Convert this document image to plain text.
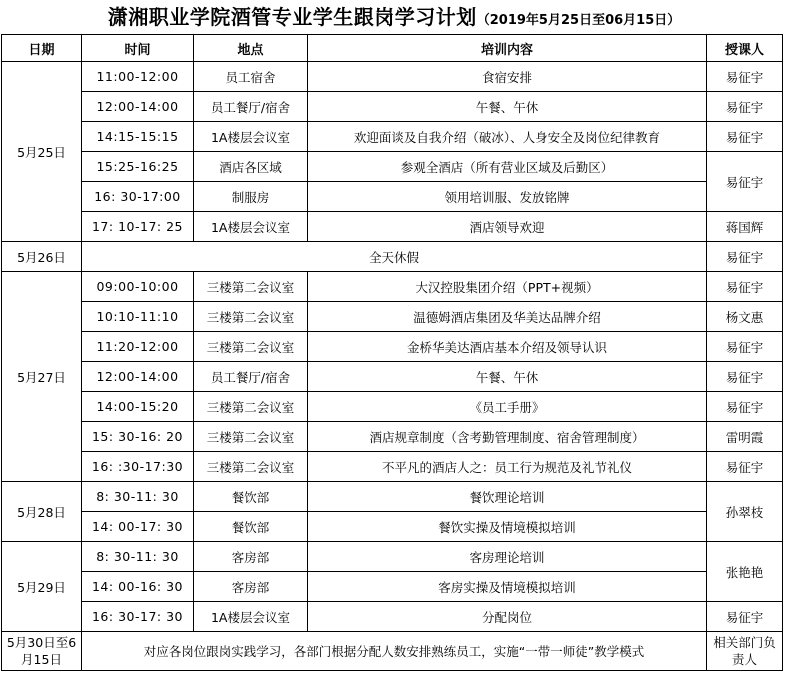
潇湘职业学院酒管专业学生跟岗学习计划（2019年5月25日至06月15日）
日期	时间	地点	培训内容	授课人
5月25日	11:00-12:00	员工宿舍	食宿安排	易征宇
	12:00-14:00	员工餐厅/宿舍	午餐、午休	易征宇
	14:15-15:15	1A楼层会议室	欢迎面谈及自我介绍（破冰）、人身安全及岗位纪律教育	易征宇
	15:25-16:25	酒店各区域	参观全酒店（所有营业区域及后勤区）	易征宇
	16: 30-17:00	制服房	领用培训服、发放铭牌	
	17: 10-17: 25	1A楼层会议室	酒店领导欢迎	蒋国辉
5月26日	全天休假			易征宇
5月27日	09:00-10:00	三楼第二会议室	大汉控股集团介绍（PPT+视频）	易征宇
	10:10-11:10	三楼第二会议室	温德姆酒店集团及华美达品牌介绍	杨文惠
	11:20-12:00	三楼第二会议室	金桥华美达酒店基本介绍及领导认识	易征宇
	12:00-14:00	员工餐厅/宿舍	午餐、午休	易征宇
	14:00-15:20	三楼第二会议室	《员工手册》	易征宇
	15: 30-16: 20	三楼第二会议室	酒店规章制度（含考勤管理制度、宿舍管理制度）	雷明霞
	16: :30-17:30	三楼第二会议室	不平凡的酒店人之：员工行为规范及礼节礼仪	易征宇
5月28日	8: 30-11: 30	餐饮部	餐饮理论培训	孙翠枝
	14: 00-17: 30	餐饮部	餐饮实操及情境模拟培训	
5月29日	8: 30-11: 30	客房部	客房理论培训	张艳艳
	14: 00-16: 30	客房部	客房实操及情境模拟培训	
	16: 30-17: 30	1A楼层会议室	分配岗位	易征宇
5月30日至6月15日	对应各岗位跟岗实践学习，各部门根据分配人数安排熟练员工，实施“一带一师徒”教学模式			相关部门负责人
